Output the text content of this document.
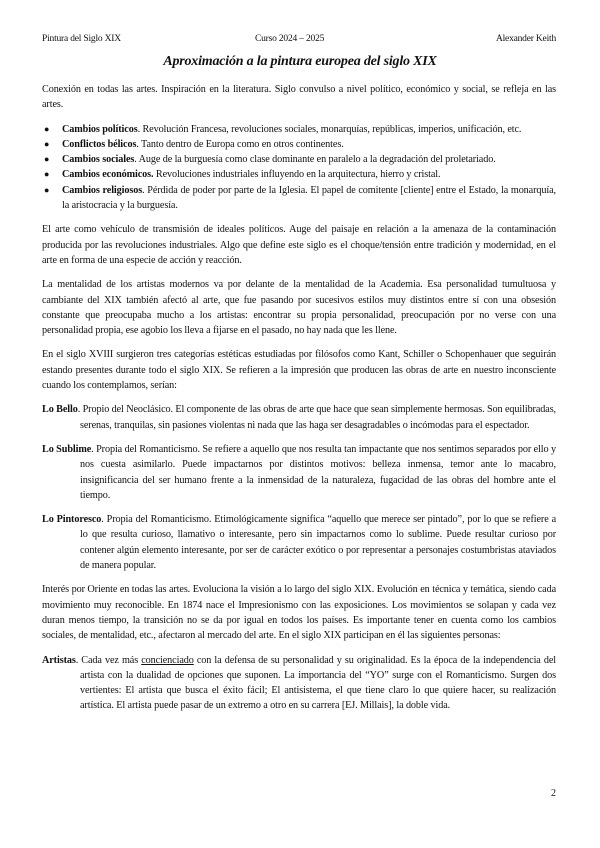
Pintura del Siglo XIX	Curso 2024 – 2025	Alexander Keith
Aproximación a la pintura europea del siglo XIX

Conexión en todas las artes. Inspiración en la literatura. Siglo convulso a nivel político, económico y social, se refleja en las artes.

● Cambios políticos. Revolución Francesa, revoluciones sociales, monarquías, repúblicas, imperios, unificación, etc.
● Conflictos bélicos. Tanto dentro de Europa como en otros continentes.
● Cambios sociales. Auge de la burguesía como clase dominante en paralelo a la degradación del proletariado.
● Cambios económicos. Revoluciones industriales influyendo en la arquitectura, hierro y cristal.
● Cambios religiosos. Pérdida de poder por parte de la Iglesia. El papel de comitente [cliente] entre el Estado, la monarquía, la aristocracia y la burguesía.

El arte como vehículo de transmisión de ideales políticos. Auge del paisaje en relación a la amenaza de la contaminación producida por las revoluciones industriales. Algo que define este siglo es el choque/tensión entre tradición y modernidad, en el arte en forma de una especie de acción y reacción.

La mentalidad de los artistas modernos va por delante de la mentalidad de la Academia. Esa personalidad tumultuosa y cambiante del XIX también afectó al arte, que fue pasando por sucesivos estilos muy distintos entre sí con una obsesión constante que preocupaba mucho a los artistas: encontrar su propia personalidad, preocupación por no verse con una personalidad propia, ese agobio los lleva a fijarse en el pasado, no hay nada que les llene.

En el siglo XVIII surgieron tres categorías estéticas estudiadas por filósofos como Kant, Schiller o Schopenhauer que seguirán estando presentes durante todo el siglo XIX. Se refieren a la impresión que producen las obras de arte en nuestro inconsciente cuando los contemplamos, serían:

Lo Bello. Propio del Neoclásico. El componente de las obras de arte que hace que sean simplemente hermosas. Son equilibradas, serenas, tranquilas, sin pasiones violentas ni nada que las haga ser desagradables o incómodas para el espectador.

Lo Sublime. Propia del Romanticismo. Se refiere a aquello que nos resulta tan impactante que nos sentimos separados por ello y nos cuesta asimilarlo. Puede impactarnos por distintos motivos: belleza inmensa, temor ante lo macabro, insignificancia del ser humano frente a la inmensidad de la naturaleza, fugacidad de las obras del hombre ante el tiempo.

Lo Pintoresco. Propia del Romanticismo. Etimológicamente significa “aquello que merece ser pintado”, por lo que se refiere a lo que resulta curioso, llamativo o interesante, pero sin impactarnos como lo sublime. Puede resultar curioso por contener algún elemento interesante, por ser de carácter exótico o por representar a personajes costumbristas ataviados de manera popular.

Interés por Oriente en todas las artes. Evoluciona la visión a lo largo del siglo XIX. Evolución en técnica y temática, siendo cada movimiento muy reconocible. En 1874 nace el Impresionismo con las exposiciones. Los movimientos se solapan y cada vez duran menos tiempo, la transición no se da por igual en todos los países. Es importante tener en cuenta como los cambios sociales, de mentalidad, etc., afectaron al mercado del arte. En el siglo XIX participan en él las siguientes personas:

Artistas. Cada vez más concienciado con la defensa de su personalidad y su originalidad. Es la época de la independencia del artista con la dualidad de opciones que suponen. La importancia del “YO” surge con el Romanticismo. Surgen dos vertientes: El artista que busca el éxito fácil; El antisistema, el que tiene claro lo que quiere hacer, su realización artística. El artista puede pasar de un extremo a otro en su carrera [EJ. Millais], la doble vida.

2
